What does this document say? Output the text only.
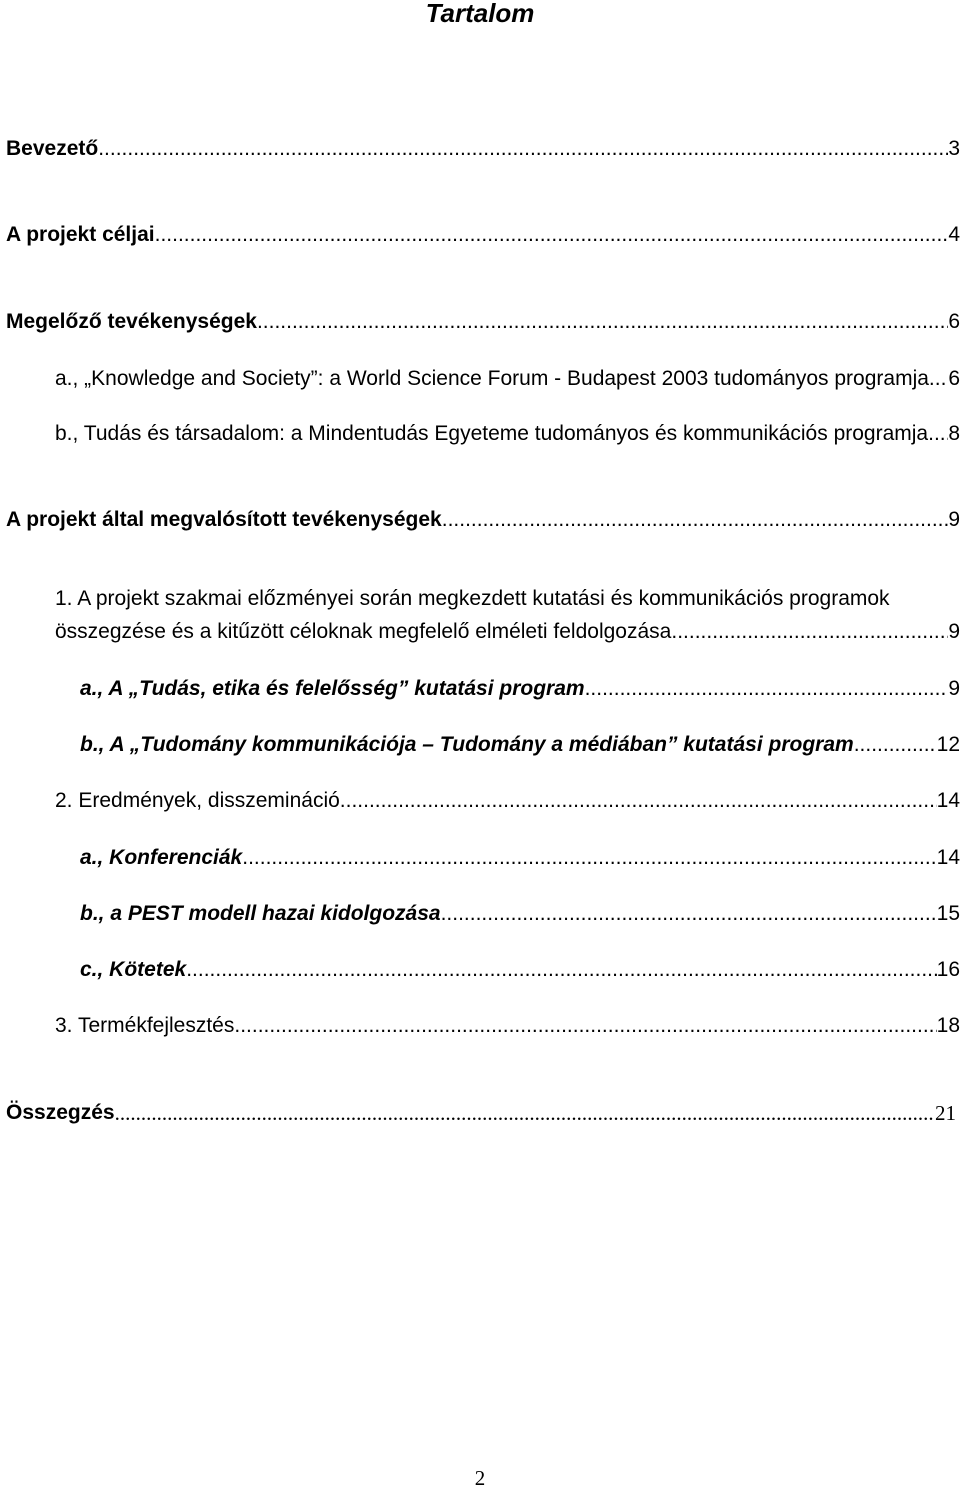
Tartalom
Bevezető .....	3
A projekt céljai .....	4
Megelőző tevékenységek .....	6
a., „Knowledge and Society”: a World Science Forum - Budapest 2003 tudományos programja ..... 6
b., Tudás és társadalom: a Mindentudás Egyeteme tudományos és kommunikációs programja ..... 8
A projekt által megvalósított tevékenységek .....	9
1. A projekt szakmai előzményei során megkezdett kutatási és kommunikációs programok
összegzése és a kitűzött céloknak megfelelő elméleti feldolgozása. .....	9
a., A „Tudás, etika és felelősség” kutatási program .....	9
b., A „Tudomány kommunikációja – Tudomány a médiában” kutatási program .....	12
2. Eredmények, disszemináció .....	14
a., Konferenciák .....	14
b., a PEST modell hazai kidolgozása .....	15
c., Kötetek .....	16
3. Termékfejlesztés .....	18
Összegzés .....	21
2
